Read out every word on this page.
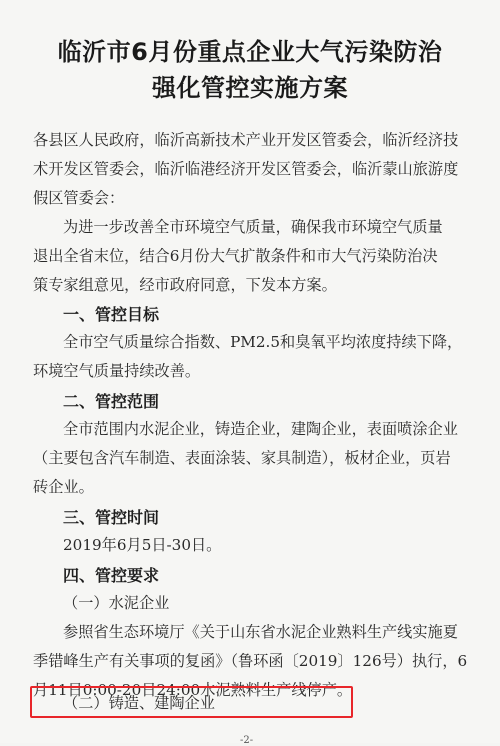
临沂市6月份重点企业大气污染防治
强化管控实施方案
各县区人民政府，临沂高新技术产业开发区管委会，临沂经济技
术开发区管委会，临沂临港经济开发区管委会，临沂蒙山旅游度
假区管委会：
为进一步改善全市环境空气质量，确保我市环境空气质量
退出全省末位，结合6月份大气扩散条件和市大气污染防治决
策专家组意见，经市政府同意，下发本方案。
一、管控目标
全市空气质量综合指数、PM2.5和臭氧平均浓度持续下降，
环境空气质量持续改善。
二、管控范围
全市范围内水泥企业，铸造企业，建陶企业，表面喷涂企业
（主要包含汽车制造、表面涂装、家具制造），板材企业，页岩
砖企业。
三、管控时间
2019年6月5日-30日。
四、管控要求
（一）水泥企业
参照省生态环境厅《关于山东省水泥企业熟料生产线实施夏
季错峰生产有关事项的复函》（鲁环函〔2019〕126号）执行，6
月11日0:00-20日24:00水泥熟料生产线停产。
（二）铸造、建陶企业
-2-
